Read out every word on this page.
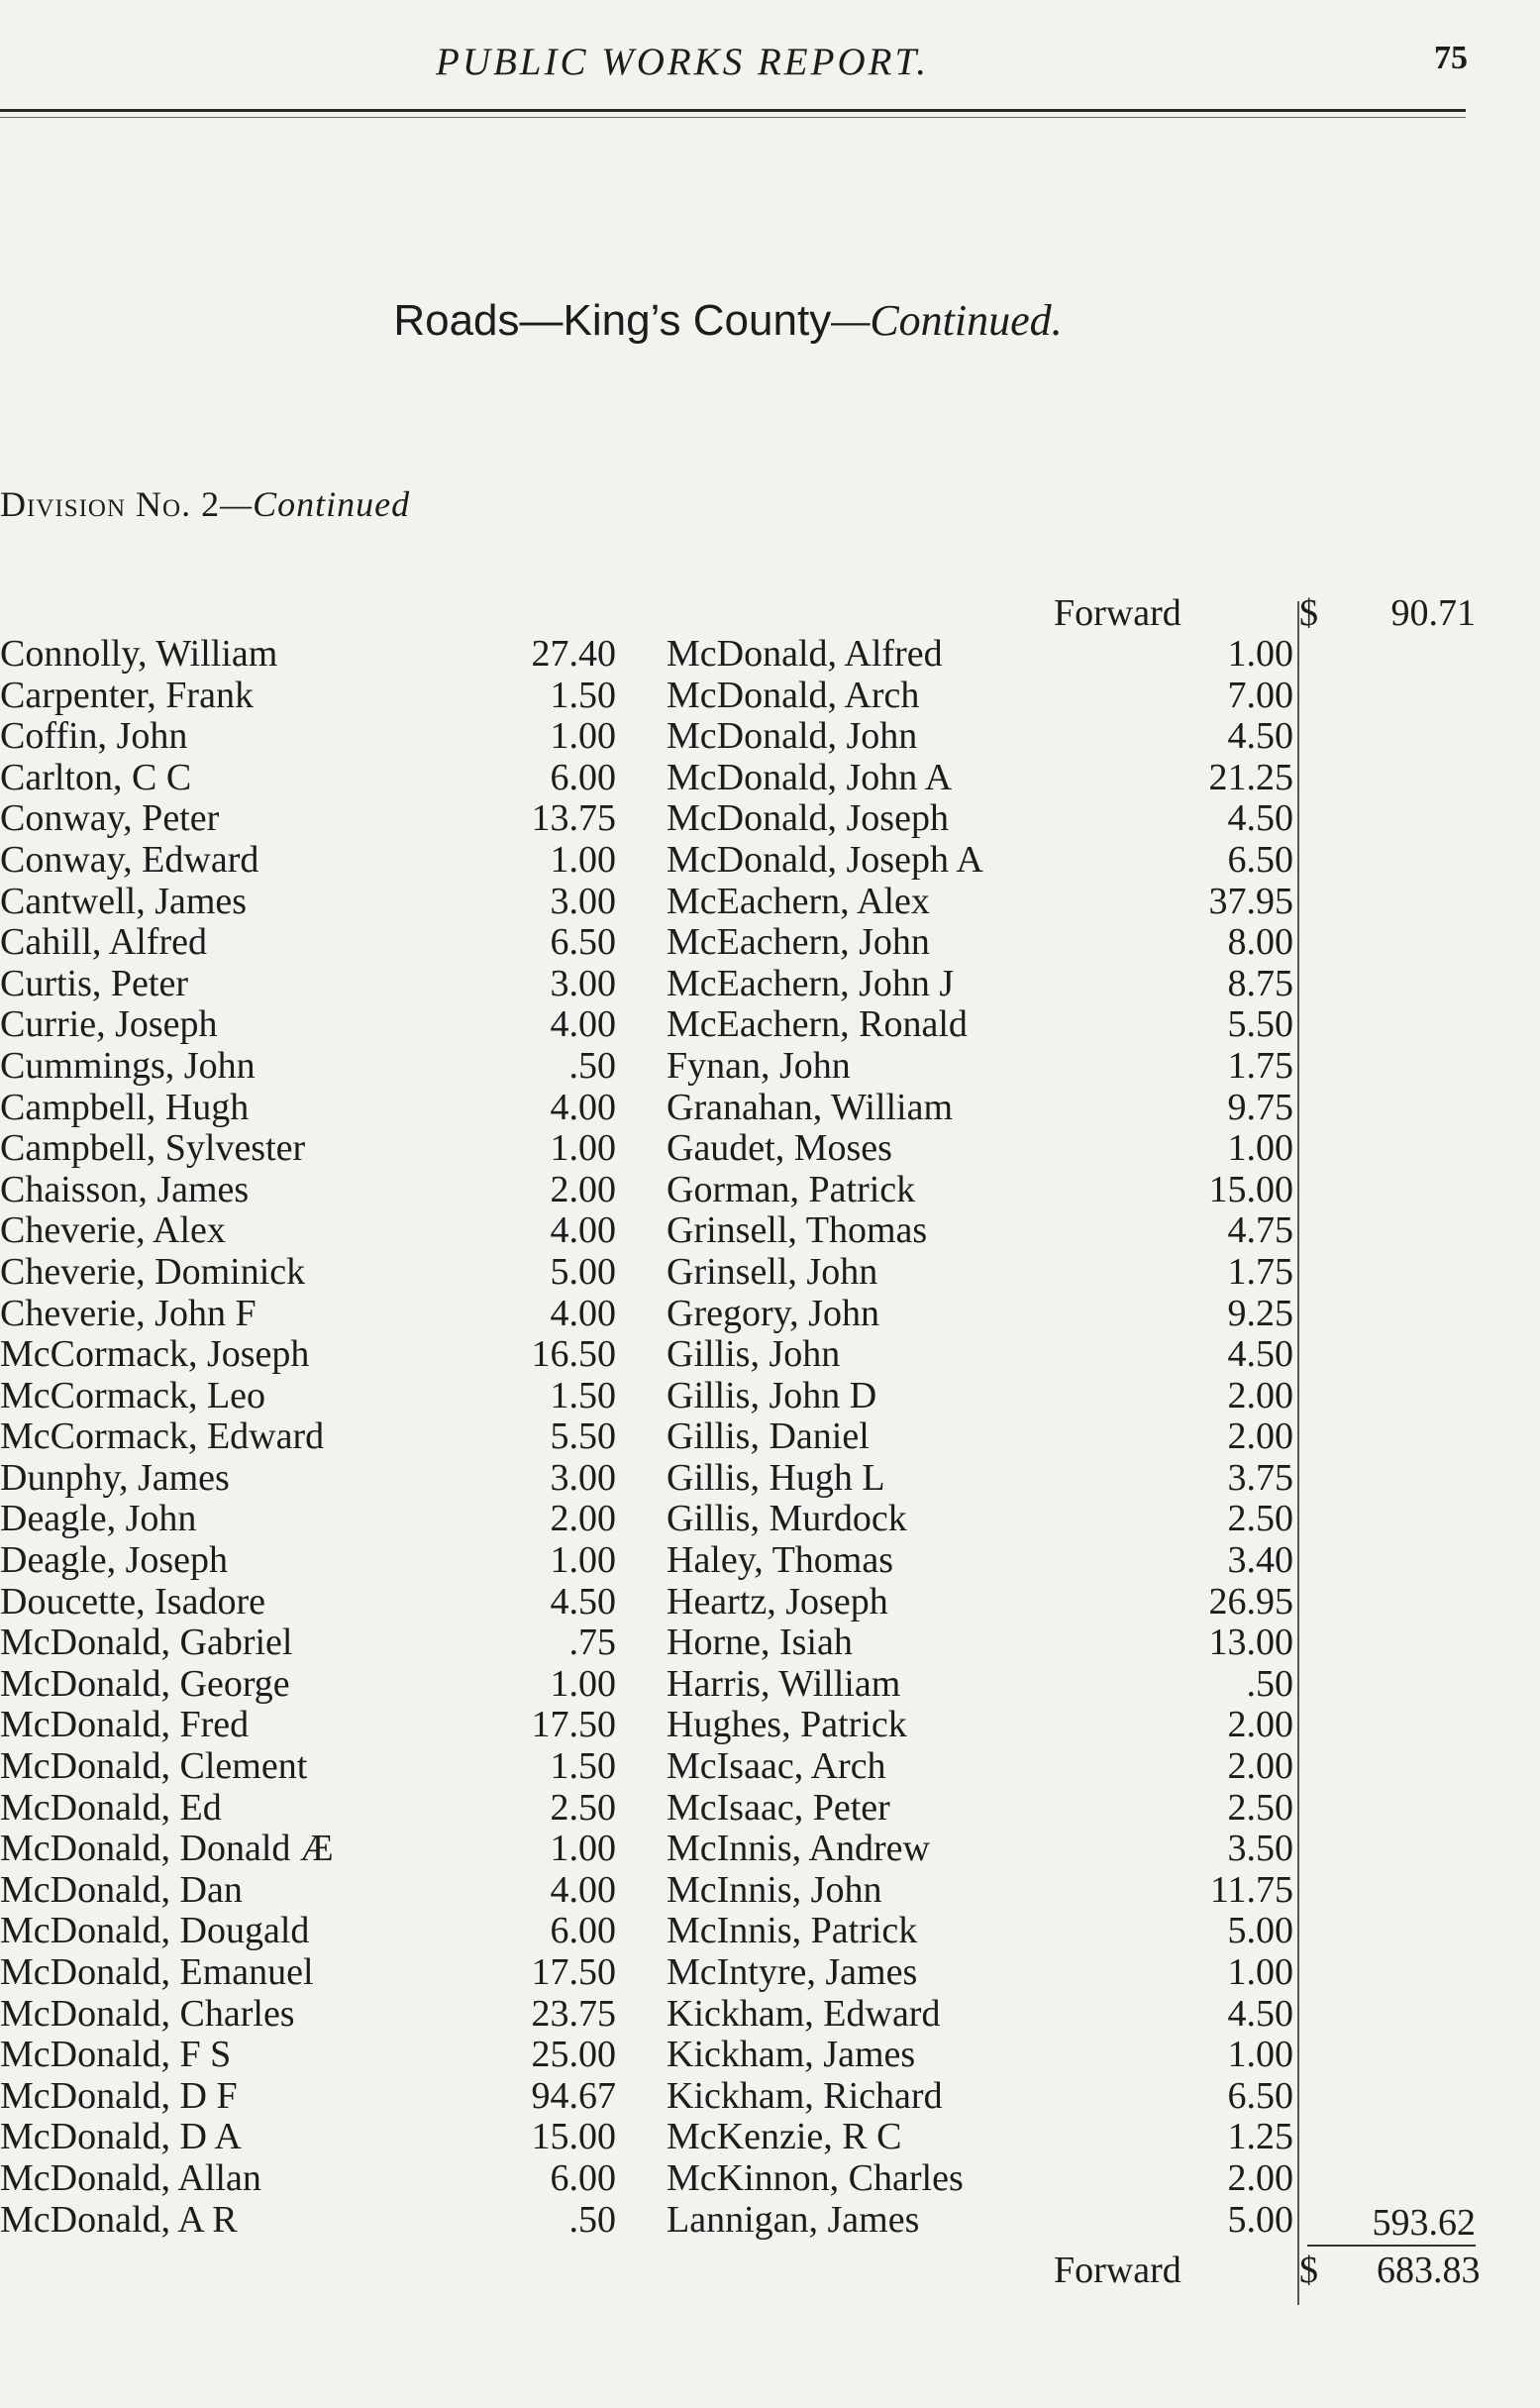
PUBLIC WORKS REPORT.	75
Roads—King’s County—Continued.
Division No. 2—Continued
Forward	$	90.71
Connolly, William	27.40 McDonald, Alfred	1.00
Carpenter, Frank	1.50 McDonald, Arch	7.00
Coffin, John	1.00 McDonald, John	4.50
Carlton, C C	6.00 McDonald, John A	21.25
Conway, Peter	13.75 McDonald, Joseph	4.50
Conway, Edward	1.00 McDonald, Joseph A	6.50
Cantwell, James	3.00 McEachern, Alex	37.95
Cahill, Alfred	6.50 McEachern, John	8.00
Curtis, Peter	3.00 McEachern, John J	8.75
Currie, Joseph	4.00 McEachern, Ronald	5.50
Cummings, John	.50 Fynan, John	1.75
Campbell, Hugh	4.00 Granahan, William	9.75
Campbell, Sylvester	1.00 Gaudet, Moses	1.00
Chaisson, James	2.00 Gorman, Patrick	15.00
Cheverie, Alex	4.00 Grinsell, Thomas	4.75
Cheverie, Dominick	5.00 Grinsell, John	1.75
Cheverie, John F	4.00 Gregory, John	9.25
McCormack, Joseph	16.50 Gillis, John	4.50
McCormack, Leo	1.50 Gillis, John D	2.00
McCormack, Edward	5.50 Gillis, Daniel	2.00
Dunphy, James	3.00 Gillis, Hugh L	3.75
Deagle, John	2.00 Gillis, Murdock	2.50
Deagle, Joseph	1.00 Haley, Thomas	3.40
Doucette, Isadore	4.50 Heartz, Joseph	26.95
McDonald, Gabriel	.75 Horne, Isiah	13.00
McDonald, George	1.00 Harris, William	.50
McDonald, Fred	17.50 Hughes, Patrick	2.00
McDonald, Clement	1.50 McIsaac, Arch	2.00
McDonald, Ed	2.50 McIsaac, Peter	2.50
McDonald, Donald Æ	1.00 McInnis, Andrew	3.50
McDonald, Dan	4.00 McInnis, John	11.75
McDonald, Dougald	6.00 McInnis, Patrick	5.00
McDonald, Emanuel	17.50 McIntyre, James	1.00
McDonald, Charles	23.75 Kickham, Edward	4.50
McDonald, F S	25.00 Kickham, James	1.00
McDonald, D F	94.67 Kickham, Richard	6.50
McDonald, D A	15.00 McKenzie, R C	1.25
McDonald, Allan	6.00 McKinnon, Charles	2.00
McDonald, A R	.50 Lannigan, James	5.00	593.62
Forward	$ 683.83
